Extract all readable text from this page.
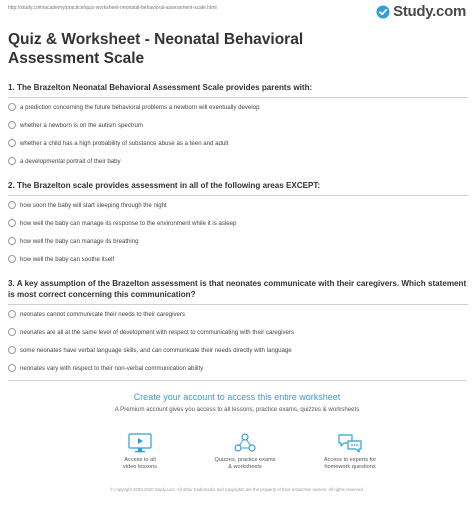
http://study.com/academy/practice/quiz-worksheet-neonatal-behavioral-assessment-scale.html	Study.com
Quiz & Worksheet - Neonatal Behavioral Assessment Scale

1. The Brazelton Neonatal Behavioral Assessment Scale provides parents with:

a prediction concerning the future behavioral problems a newborn will eventually develop
whether a newborn is on the autism spectrum
whether a child has a high probability of substance abuse as a teen and adult
a developmental portrait of their baby

2. The Brazelton scale provides assessment in all of the following areas EXCEPT:

how soon the baby will start sleeping through the night
how well the baby can manage its response to the environment while it is asleep
how well the baby can manage its breathing
how well the baby can soothe itself

3. A key assumption of the Brazelton assessment is that neonates communicate with their caregivers. Which statement is most correct concerning this communication?

neonates cannot communicate their needs to their caregivers
neonates are all at the same level of development with respect to communicating with their caregivers
some neonates have verbal language skills, and can communicate their needs directly with language
neonates vary with respect to their non-verbal communication ability

Create your account to access this entire worksheet

A Premium account gives you access to all lessons, practice exams, quizzes & worksheets
Access to all
video lessons
Quizzes, practice exams
& worksheets
Access to experts for
homework questions
© copyright 2003-2020 Study.com. All other trademarks and copyrights are the property of their respective owners. All rights reserved.
